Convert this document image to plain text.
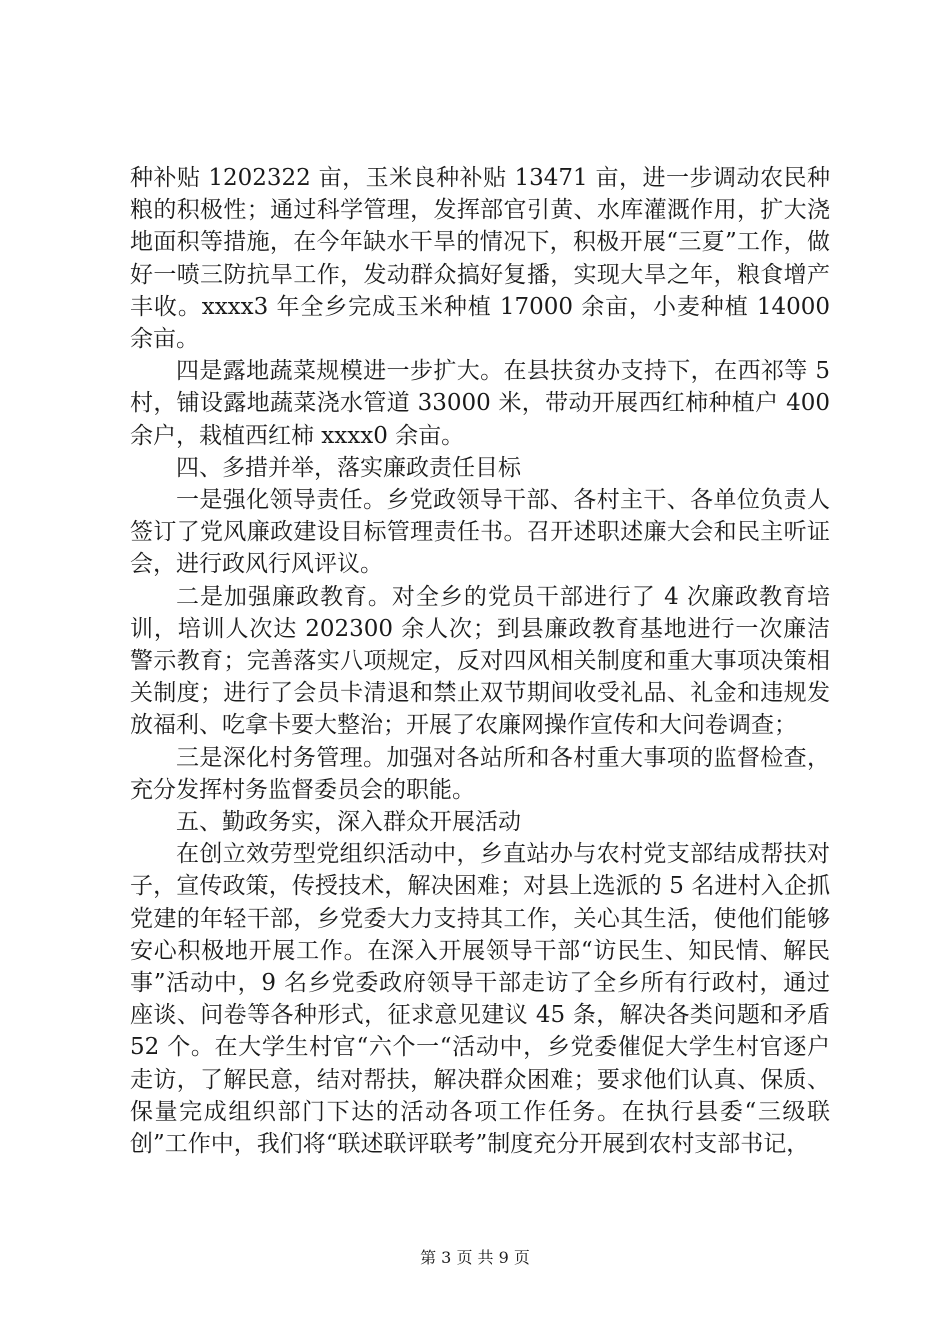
种补贴 1202322 亩，玉米良种补贴 13471 亩，进一步调动农民种粮的积极性；通过科学管理，发挥部官引黄、水库灌溉作用，扩大浇地面积等措施，在今年缺水干旱的情况下，积极开展“三夏”工作，做好一喷三防抗旱工作，发动群众搞好复播，实现大旱之年，粮食增产丰收。xxxx3 年全乡完成玉米种植 17000 余亩，小麦种植 14000 余亩。

四是露地蔬菜规模进一步扩大。在县扶贫办支持下，在西祁等 5 村，铺设露地蔬菜浇水管道 33000 米，带动开展西红柿种植户 400 余户，栽植西红柿 xxxx0 余亩。

四、多措并举，落实廉政责任目标

一是强化领导责任。乡党政领导干部、各村主干、各单位负责人签订了党风廉政建设目标管理责任书。召开述职述廉大会和民主听证会，进行政风行风评议。

二是加强廉政教育。对全乡的党员干部进行了 4 次廉政教育培训，培训人次达 202300 余人次；到县廉政教育基地进行一次廉洁警示教育；完善落实八项规定，反对四风相关制度和重大事项决策相关制度；进行了会员卡清退和禁止双节期间收受礼品、礼金和违规发放福利、吃拿卡要大整治；开展了农廉网操作宣传和大问卷调查；

三是深化村务管理。加强对各站所和各村重大事项的监督检查，充分发挥村务监督委员会的职能。

五、勤政务实，深入群众开展活动

在创立效劳型党组织活动中，乡直站办与农村党支部结成帮扶对子，宣传政策，传授技术，解决困难；对县上选派的 5 名进村入企抓党建的年轻干部，乡党委大力支持其工作，关心其生活，使他们能够安心积极地开展工作。在深入开展领导干部“访民生、知民情、解民事”活动中，9 名乡党委政府领导干部走访了全乡所有行政村，通过座谈、问卷等各种形式，征求意见建议 45 条，解决各类问题和矛盾 52 个。在大学生村官“六个一“活动中，乡党委催促大学生村官逐户走访，了解民意，结对帮扶，解决群众困难；要求他们认真、保质、保量完成组织部门下达的活动各项工作任务。在执行县委“三级联创”工作中，我们将“联述联评联考”制度充分开展到农村支部书记，

第 3 页 共 9 页
